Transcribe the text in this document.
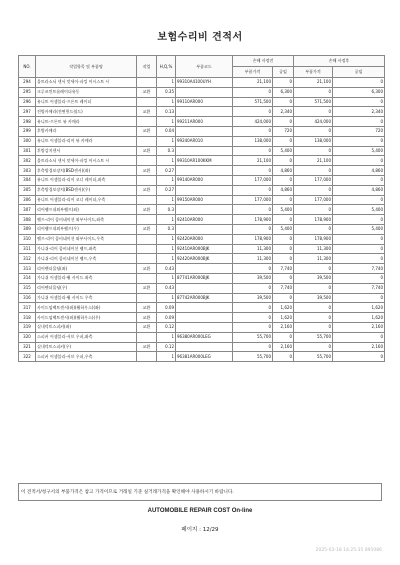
보험수리비 견적서
NO.	작업항목 및 부품명	작업	H,Q,%	부품코드	손해 사정전		손해 사정후	
					부품가격	공임	부품가격	공임
294	울트라소닉 센서 앗세이-파킹 어시스트 시		1	99310A4100UYH	21,100	0	21,100	0
295	크루즈컨트롤레이더유동	교환	0.35		0	6,300	0	6,300
296	유니트 어셈블리-프론트 레이더		1	99110AR000	571,500	0	571,500	0
297	전방카메라(전면윈드쉴드)	교환	0.13		0	2,340	0	2,340
298	유니트-프론트 뷰 카메라		1	99211AR000	424,000	0	424,000	0
299	후방카메라	교환	0.04		0	720	0	720
300	유니트 어셈블리-리어 뷰 카메라		1	99240AR010	138,000	0	138,000	0
301	후방감지센서	교환	0.3		0	5,400	0	5,400
302	울트라소닉 센서 앗세이-파킹 어시스트 시		1	99310AR100KKM	21,100	0	21,100	0
303	후측방경보장치(BSD센서)(좌)	교환	0.27		0	4,860	0	4,860
304	유니트 어셈블리-리어 코너 레이더,좌측		1	99140AR000	177,000	0	177,000	0
305	후측방경보장치(BSD센서)(우)	교환	0.27		0	4,860	0	4,860
306	유니트 어셈블리-리어 코너 레이더,우측		1	99150AR000	177,000	0	177,000	0
307	리어램프내외부램프(좌)	교환	0.3		0	5,400	0	5,400
308	램프-리어 콤비네이션 외부사이드,좌측		1	92410AR000	178,900	0	178,900	0
309	리어램프내외부램프(우)	교환	0.3		0	5,400	0	5,400
310	램프-리어 콤비네이션 외부사이드,우측		1	92420AR000	178,900	0	178,900	0
311	가니쉬-리어 콤비네이션 램프,좌측		1	92410AR000BJK	11,300	0	11,300	0
312	가니쉬-리어 콤비네이션 램프,우측		1	92420AR000BJK	11,300	0	11,300	0
313	리어펜더몰딩(좌)	교환	0.43		0	7,740	0	7,740
314	가니쉬 어셈블리-휠 사이드 좌측		1	87741AR000BJK	39,500	0	39,500	0
315	리어펜더몰딩(우)	교환	0.43		0	7,740	0	7,740
316	가니쉬 어셈블리-휠 사이드 우측		1	87742AR000BJK	39,500	0	39,500	0
317	사이드임팩트센서(좌)(휠하우스)(좌)	교환	0.09		0	1,620	0	1,620
318	사이드임팩트센서(좌)(휠하우스)(우)	교환	0.09		0	1,620	0	1,620
319	실내덕트스피커(좌)	교환	0.12		0	2,160	0	2,160
320	스피커 어셈블리-서브 우퍼,좌측		1	96380AR000LEG	55,700	0	55,700	0
321	실내덕트스피커(우)	교환	0.12		0	2,160	0	2,160
322	스피커 어셈블리-서브 우퍼,우측		1	96381AR000LEG	55,700	0	55,700	0
이 견적서/청구서의 부품가격은 참고 가격이므로 거래일 기준 실거래가격을 확인해야 사용하시기 바랍니다.
AUTOMOBILE REPAIR COST On-line
페이지 : 12/29
2025-03-18 14:25:35 895086
